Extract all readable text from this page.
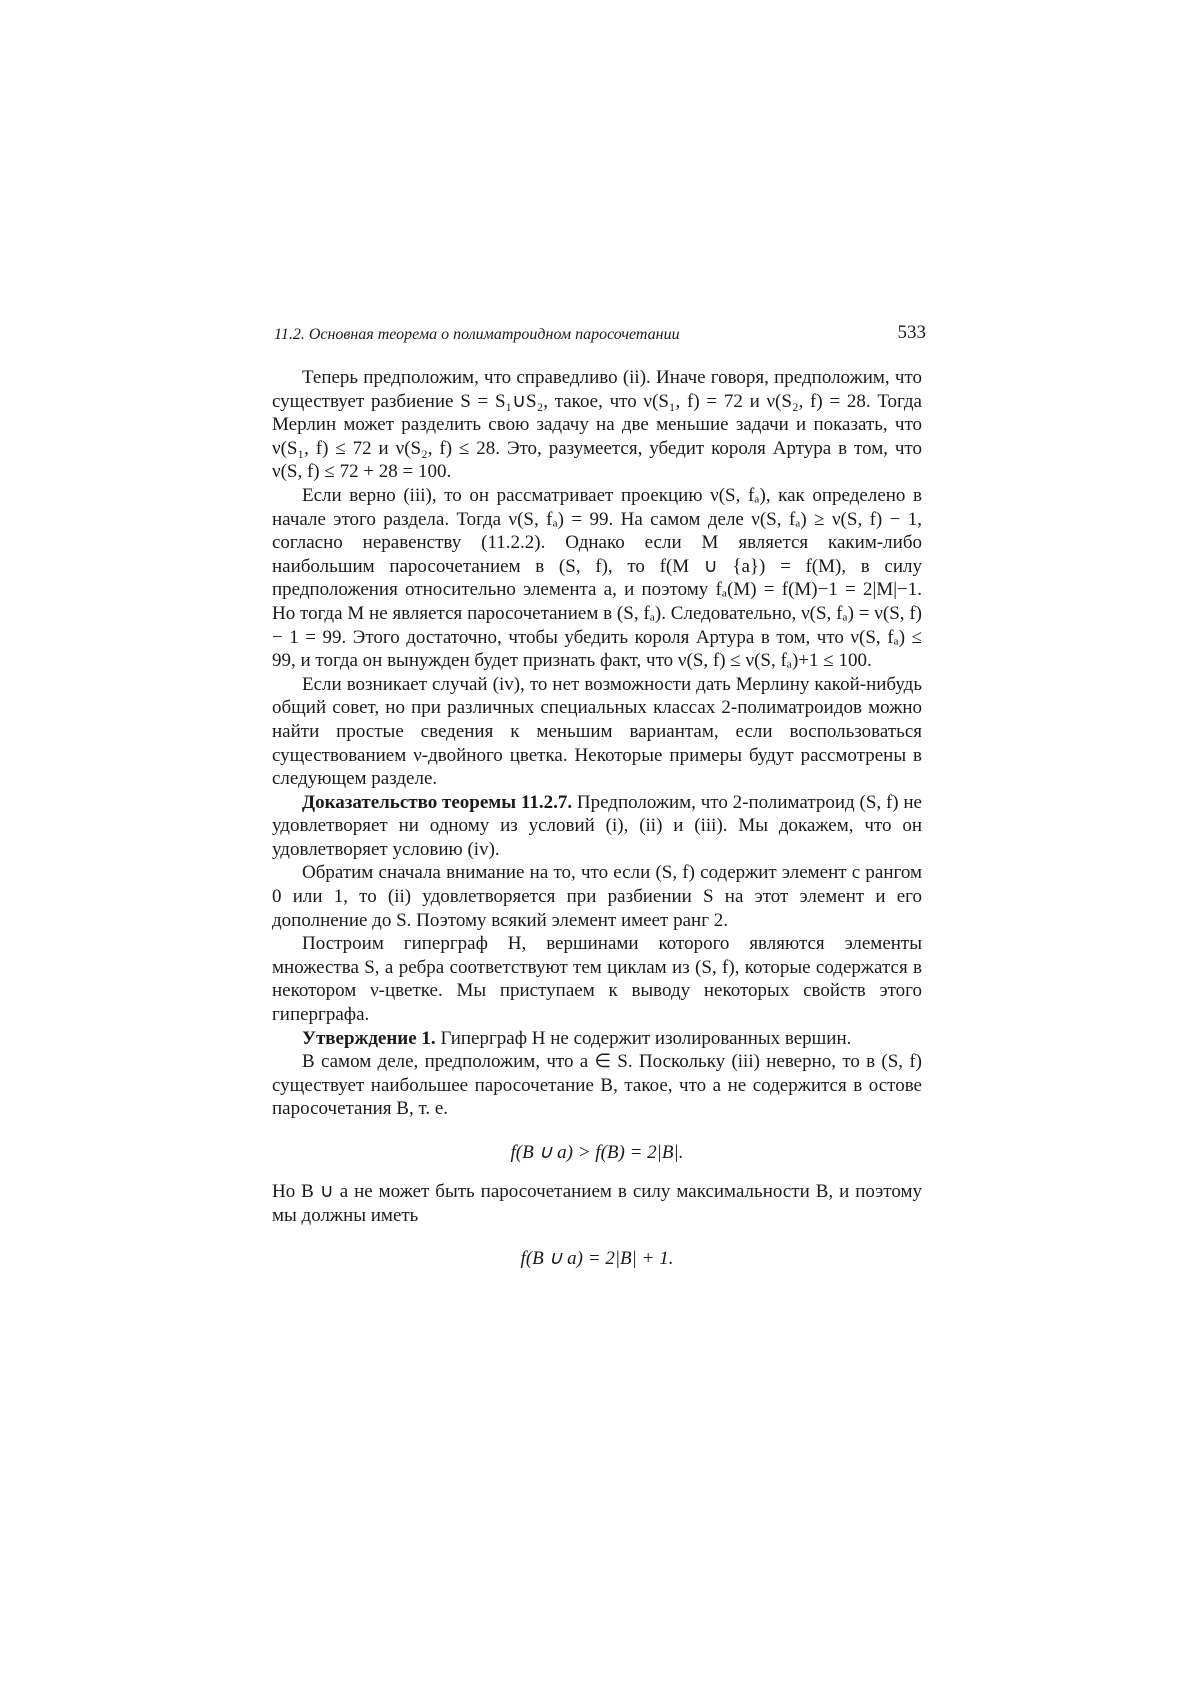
11.2. Основная теорема о полиматроидном паросочетании	533

Теперь предположим, что справедливо (ii). Иначе говоря, предположим, что существует разбиение S = S₁∪S₂, такое, что ν(S₁, f) = 72 и ν(S₂, f) = 28. Тогда Мерлин может разделить свою задачу на две меньшие задачи и показать, что ν(S₁, f) ≤ 72 и ν(S₂, f) ≤ 28. Это, разумеется, убедит короля Артура в том, что ν(S, f) ≤ 72 + 28 = 100.

Если верно (iii), то он рассматривает проекцию ν(S, fₐ), как определено в начале этого раздела. Тогда ν(S, fₐ) = 99. На самом деле ν(S, fₐ) ≥ ν(S, f) − 1, согласно неравенству (11.2.2). Однако если M является каким-либо наибольшим паросочетанием в (S, f), то f(M ∪ {a}) = f(M), в силу предположения относительно элемента a, и поэтому fₐ(M) = f(M)−1 = 2|M|−1. Но тогда M не является паросочетанием в (S, fₐ). Следовательно, ν(S, fₐ) = ν(S, f) − 1 = 99. Этого достаточно, чтобы убедить короля Артура в том, что ν(S, fₐ) ≤ 99, и тогда он вынужден будет признать факт, что ν(S, f) ≤ ν(S, fₐ)+1 ≤ 100.

Если возникает случай (iv), то нет возможности дать Мерлину какой-нибудь общий совет, но при различных специальных классах 2-полиматроидов можно найти простые сведения к меньшим вариантам, если воспользоваться существованием ν-двойного цветка. Некоторые примеры будут рассмотрены в следующем разделе.

Доказательство теоремы 11.2.7. Предположим, что 2-полиматроид (S, f) не удовлетворяет ни одному из условий (i), (ii) и (iii). Мы докажем, что он удовлетворяет условию (iv).

Обратим сначала внимание на то, что если (S, f) содержит элемент с рангом 0 или 1, то (ii) удовлетворяется при разбиении S на этот элемент и его дополнение до S. Поэтому всякий элемент имеет ранг 2.

Построим гиперграф H, вершинами которого являются элементы множества S, а ребра соответствуют тем циклам из (S, f), которые содержатся в некотором ν-цветке. Мы приступаем к выводу некоторых свойств этого гиперграфа.

Утверждение 1. Гиперграф H не содержит изолированных вершин.

В самом деле, предположим, что a ∈ S. Поскольку (iii) неверно, то в (S, f) существует наибольшее паросочетание B, такое, что a не содержится в остове паросочетания B, т. е.

f(B ∪ a) > f(B) = 2|B|.

Но B ∪ a не может быть паросочетанием в силу максимальности B, и поэтому мы должны иметь

f(B ∪ a) = 2|B| + 1.
